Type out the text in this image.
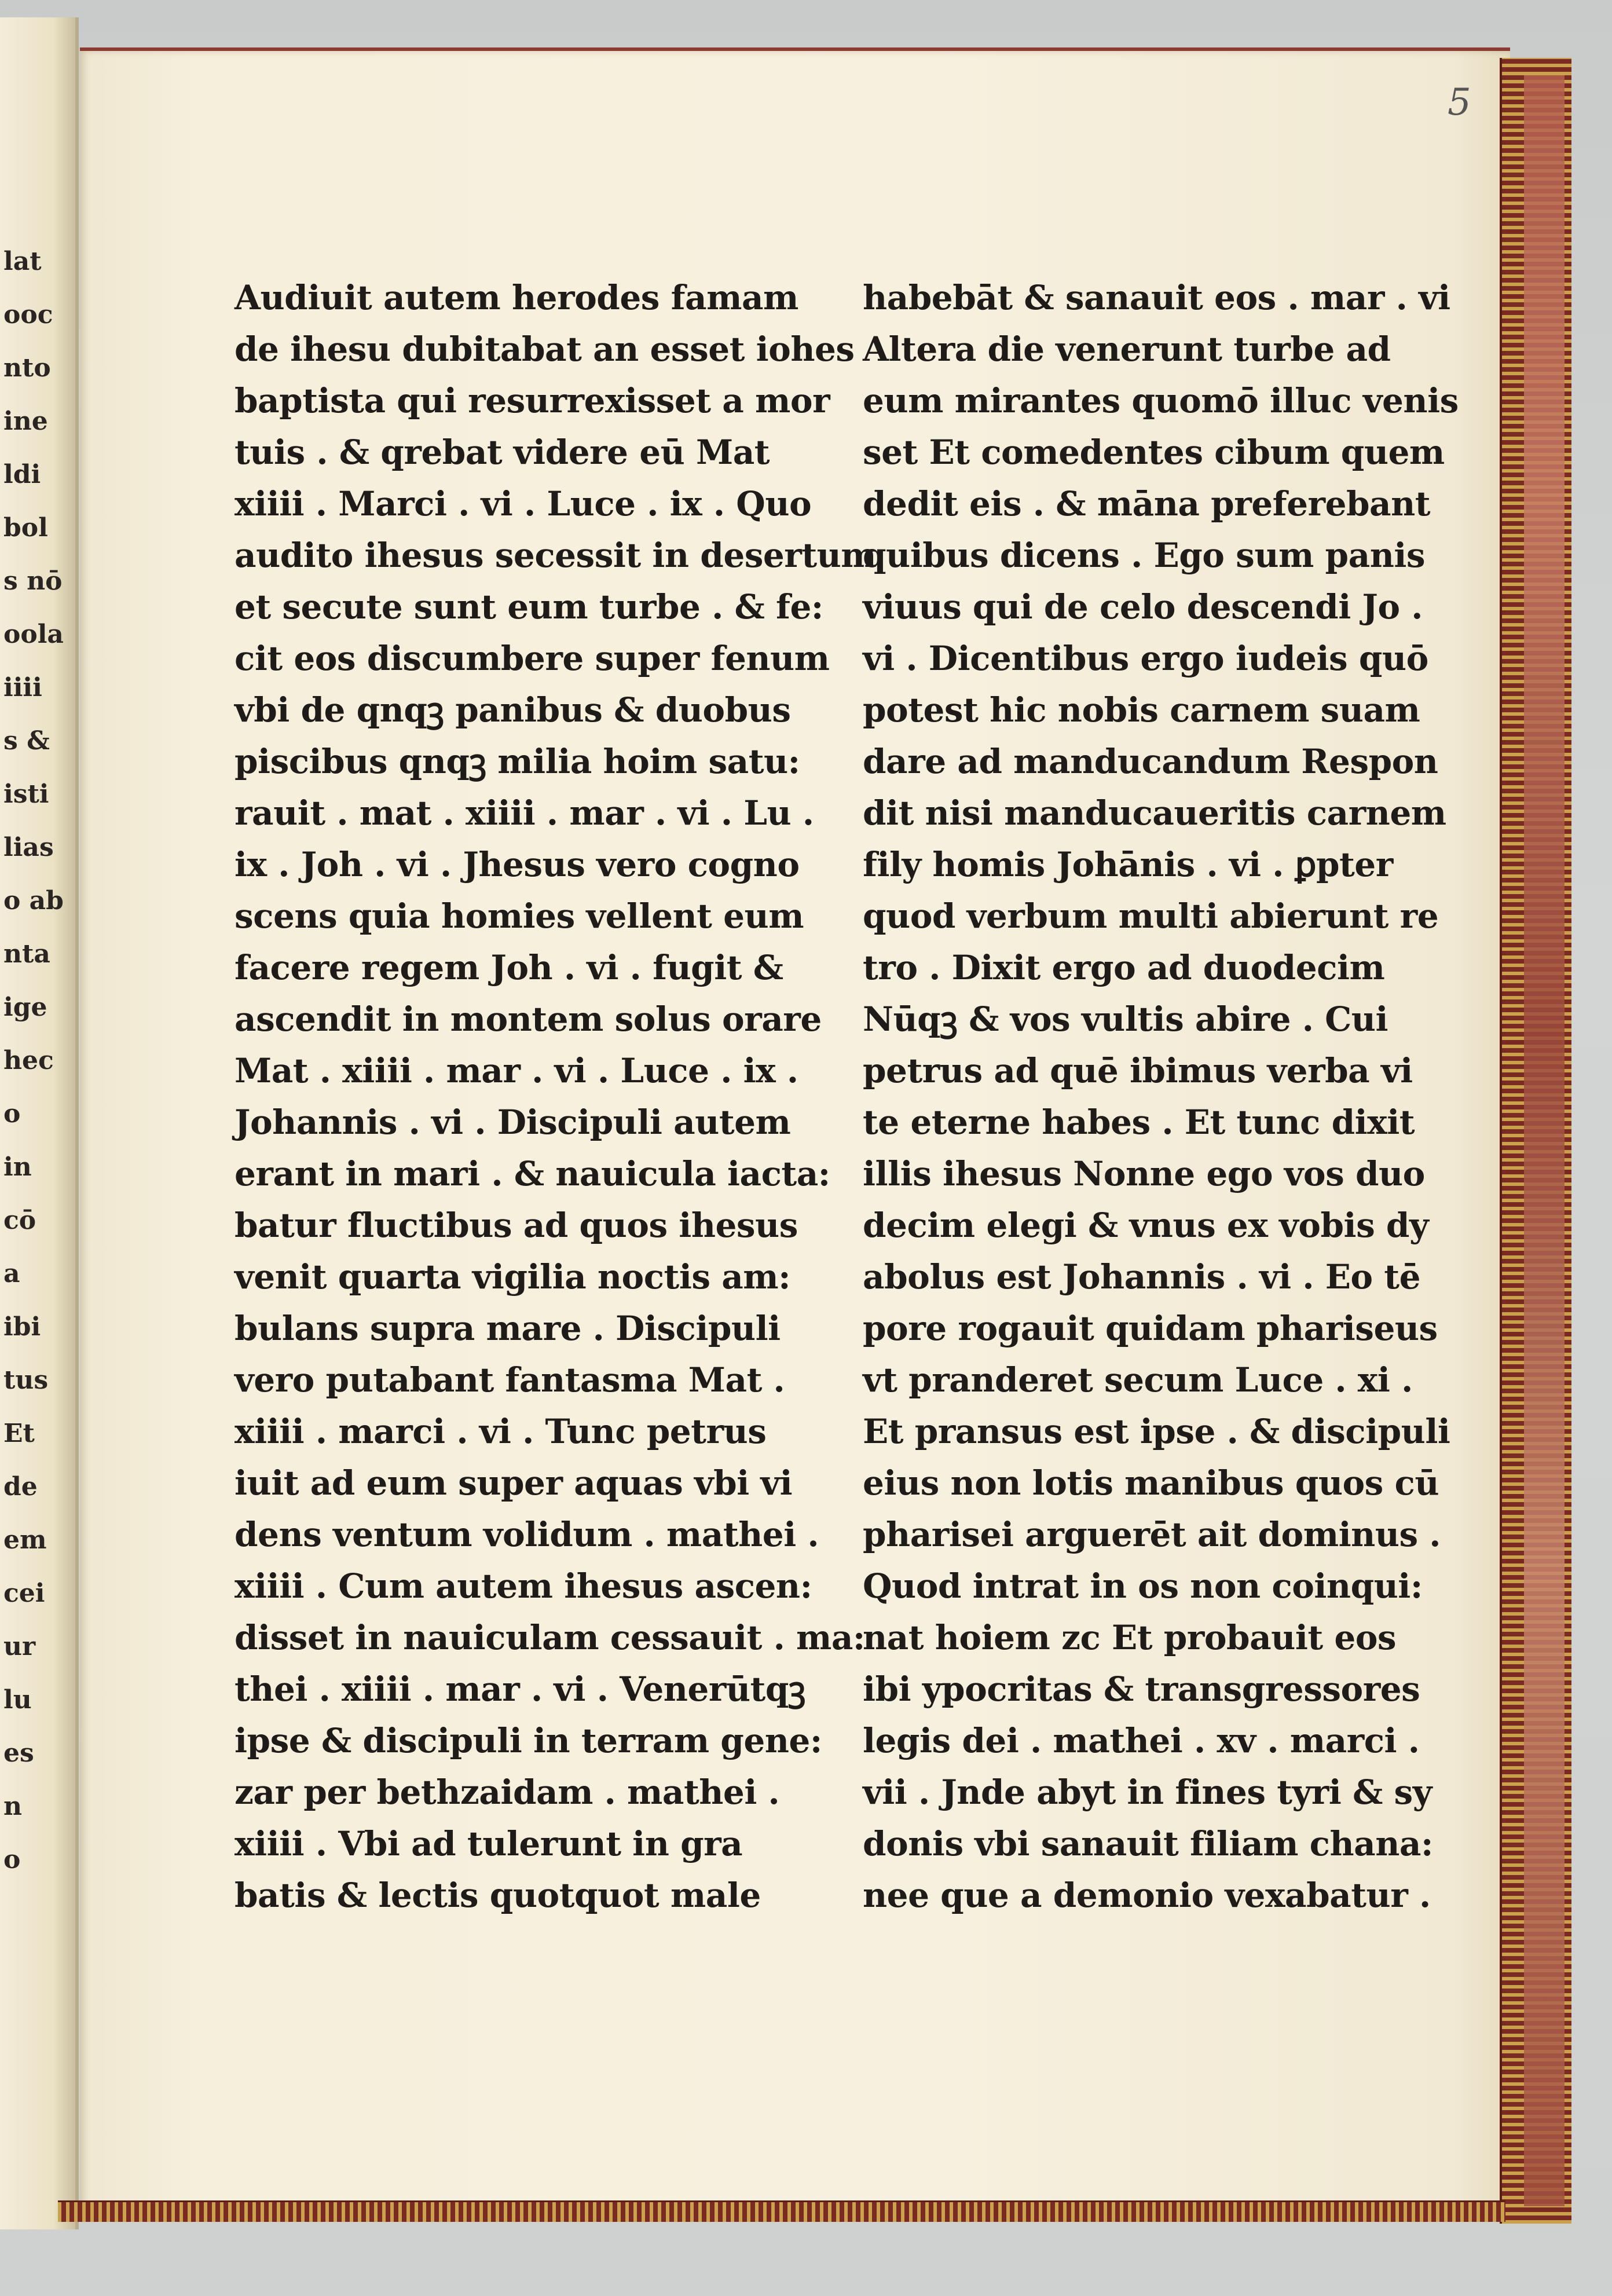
lat
ooc
nto
ine
ldi
bol
s nō
oola
iiii
s &
isti
lias
o ab
nta
ige
hec
o
in
cō
a
ibi
tus
Et
de
em
cei
ur
lu
es
n
o
5
Audiuit autem herodes famam
de ihesu dubitabat an esset iohes
baptista qui resurrexisset a mor
tuis . & qrebat videre eū Mat
xiiii . Marci . vi . Luce . ix . Quo
audito ihesus secessit in desertum
et secute sunt eum turbe . & fe:
cit eos discumbere super fenum
vbi de qnqꝫ panibus & duobus
piscibus qnqꝫ milia hoim satu:
rauit . mat . xiiii . mar . vi . Lu .
ix . Joh . vi . Jhesus vero cogno
scens quia homies vellent eum
facere regem Joh . vi . fugit &
ascendit in montem solus orare
Mat . xiiii . mar . vi . Luce . ix .
Johannis . vi . Discipuli autem
erant in mari . & nauicula iacta:
batur fluctibus ad quos ihesus
venit quarta vigilia noctis am:
bulans supra mare . Discipuli
vero putabant fantasma Mat .
xiiii . marci . vi . Tunc petrus
iuit ad eum super aquas vbi vi
dens ventum volidum . mathei .
xiiii . Cum autem ihesus ascen:
disset in nauiculam cessauit . ma:
thei . xiiii . mar . vi . Venerūtqꝫ
ipse & discipuli in terram gene:
zar per bethzaidam . mathei .
xiiii . Vbi ad tulerunt in gra
batis & lectis quotquot male
habebāt & sanauit eos . mar . vi
Altera die venerunt turbe ad
eum mirantes quomō illuc venis
set Et comedentes cibum quem
dedit eis . & māna preferebant
quibus dicens . Ego sum panis
viuus qui de celo descendi Jo .
vi . Dicentibus ergo iudeis quō
potest hic nobis carnem suam
dare ad manducandum Respon
dit nisi manducaueritis carnem
fily homis Johānis . vi . ꝑpter
quod verbum multi abierunt re
tro . Dixit ergo ad duodecim
Nūqꝫ & vos vultis abire . Cui
petrus ad quē ibimus verba vi
te eterne habes . Et tunc dixit
illis ihesus Nonne ego vos duo
decim elegi & vnus ex vobis dy
abolus est Johannis . vi . Eo tē
pore rogauit quidam phariseus
vt pranderet secum Luce . xi .
Et pransus est ipse . & discipuli
eius non lotis manibus quos cū
pharisei arguerēt ait dominus .
Quod intrat in os non coinqui:
nat hoiem zc Et probauit eos
ibi ypocritas & transgressores
legis dei . mathei . xv . marci .
vii . Jnde abyt in fines tyri & sy
donis vbi sanauit filiam chana:
nee que a demonio vexabatur .
